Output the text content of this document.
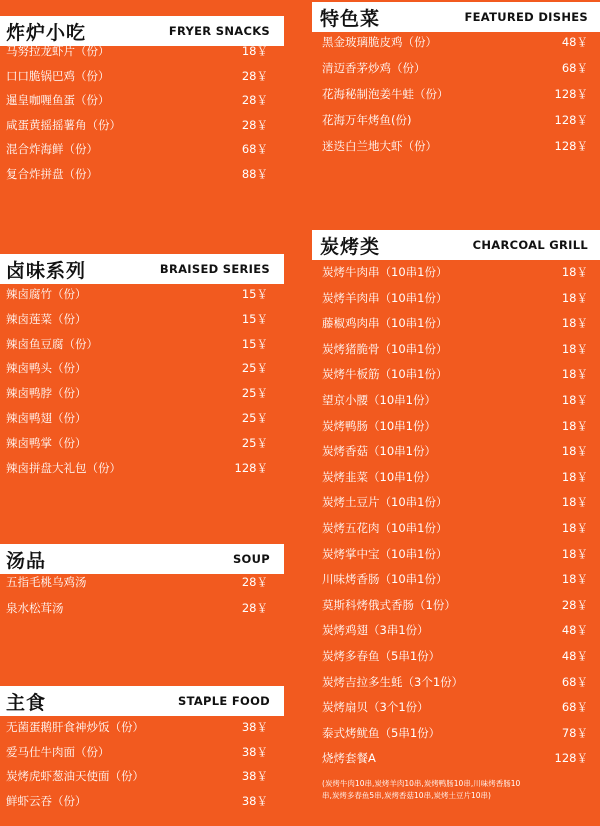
炸炉小吃	FRYER SNACKS
马努拉龙虾片（份）	18￥
口口脆锅巴鸡（份）	28￥
暹皇咖喱鱼蛋（份）	28￥
咸蛋黄摇摇薯角（份）	28￥
混合炸海鲜（份）	68￥
复合炸拼盘（份）	88￥
卤味系列	BRAISED SERIES
辣卤腐竹（份）	15￥
辣卤莲菜（份）	15￥
辣卤鱼豆腐（份）	15￥
辣卤鸭头（份）	25￥
辣卤鸭脖（份）	25￥
辣卤鸭翅（份）	25￥
辣卤鸭掌（份）	25￥
辣卤拼盘大礼包（份）	128￥
汤品	SOUP
五指毛桃乌鸡汤	28￥
泉水松茸汤	28￥
主食	STAPLE FOOD
无菌蛋鹅肝食神炒饭（份）	38￥
爱马仕牛肉面（份）	38￥
炭烤虎虾葱油天使面（份）	38￥
鲜虾云吞（份）	38￥
特色菜	FEATURED DISHES
黑金玻璃脆皮鸡（份）	48￥
清迈香茅炒鸡（份）	68￥
花海秘制泡姜牛蛙（份）	128￥
花海万年烤鱼(份)	128￥
迷迭白兰地大虾（份）	128￥
炭烤类	CHARCOAL GRILL
炭烤牛肉串（10串1份）	18￥
炭烤羊肉串（10串1份）	18￥
藤椒鸡肉串（10串1份）	18￥
炭烤猪脆骨（10串1份）	18￥
炭烤牛板筋（10串1份）	18￥
望京小腰（10串1份）	18￥
炭烤鸭肠（10串1份）	18￥
炭烤香菇（10串1份）	18￥
炭烤韭菜（10串1份）	18￥
炭烤土豆片（10串1份）	18￥
炭烤五花肉（10串1份）	18￥
炭烤掌中宝（10串1份）	18￥
川味烤香肠（10串1份）	18￥
莫斯科烤俄式香肠（1份）	28￥
炭烤鸡翅（3串1份）	48￥
炭烤多春鱼（5串1份）	48￥
炭烤吉拉多生蚝（3个1份）	68￥
炭烤扇贝（3个1份）	68￥
泰式烤鱿鱼（5串1份）	78￥
烧烤套餐A	128￥
(炭烤牛肉10串,炭烤羊肉10串,炭烤鸭肠10串,川味烤香肠10串,炭烤多春鱼5串,炭烤香菇10串,炭烤土豆片10串)
